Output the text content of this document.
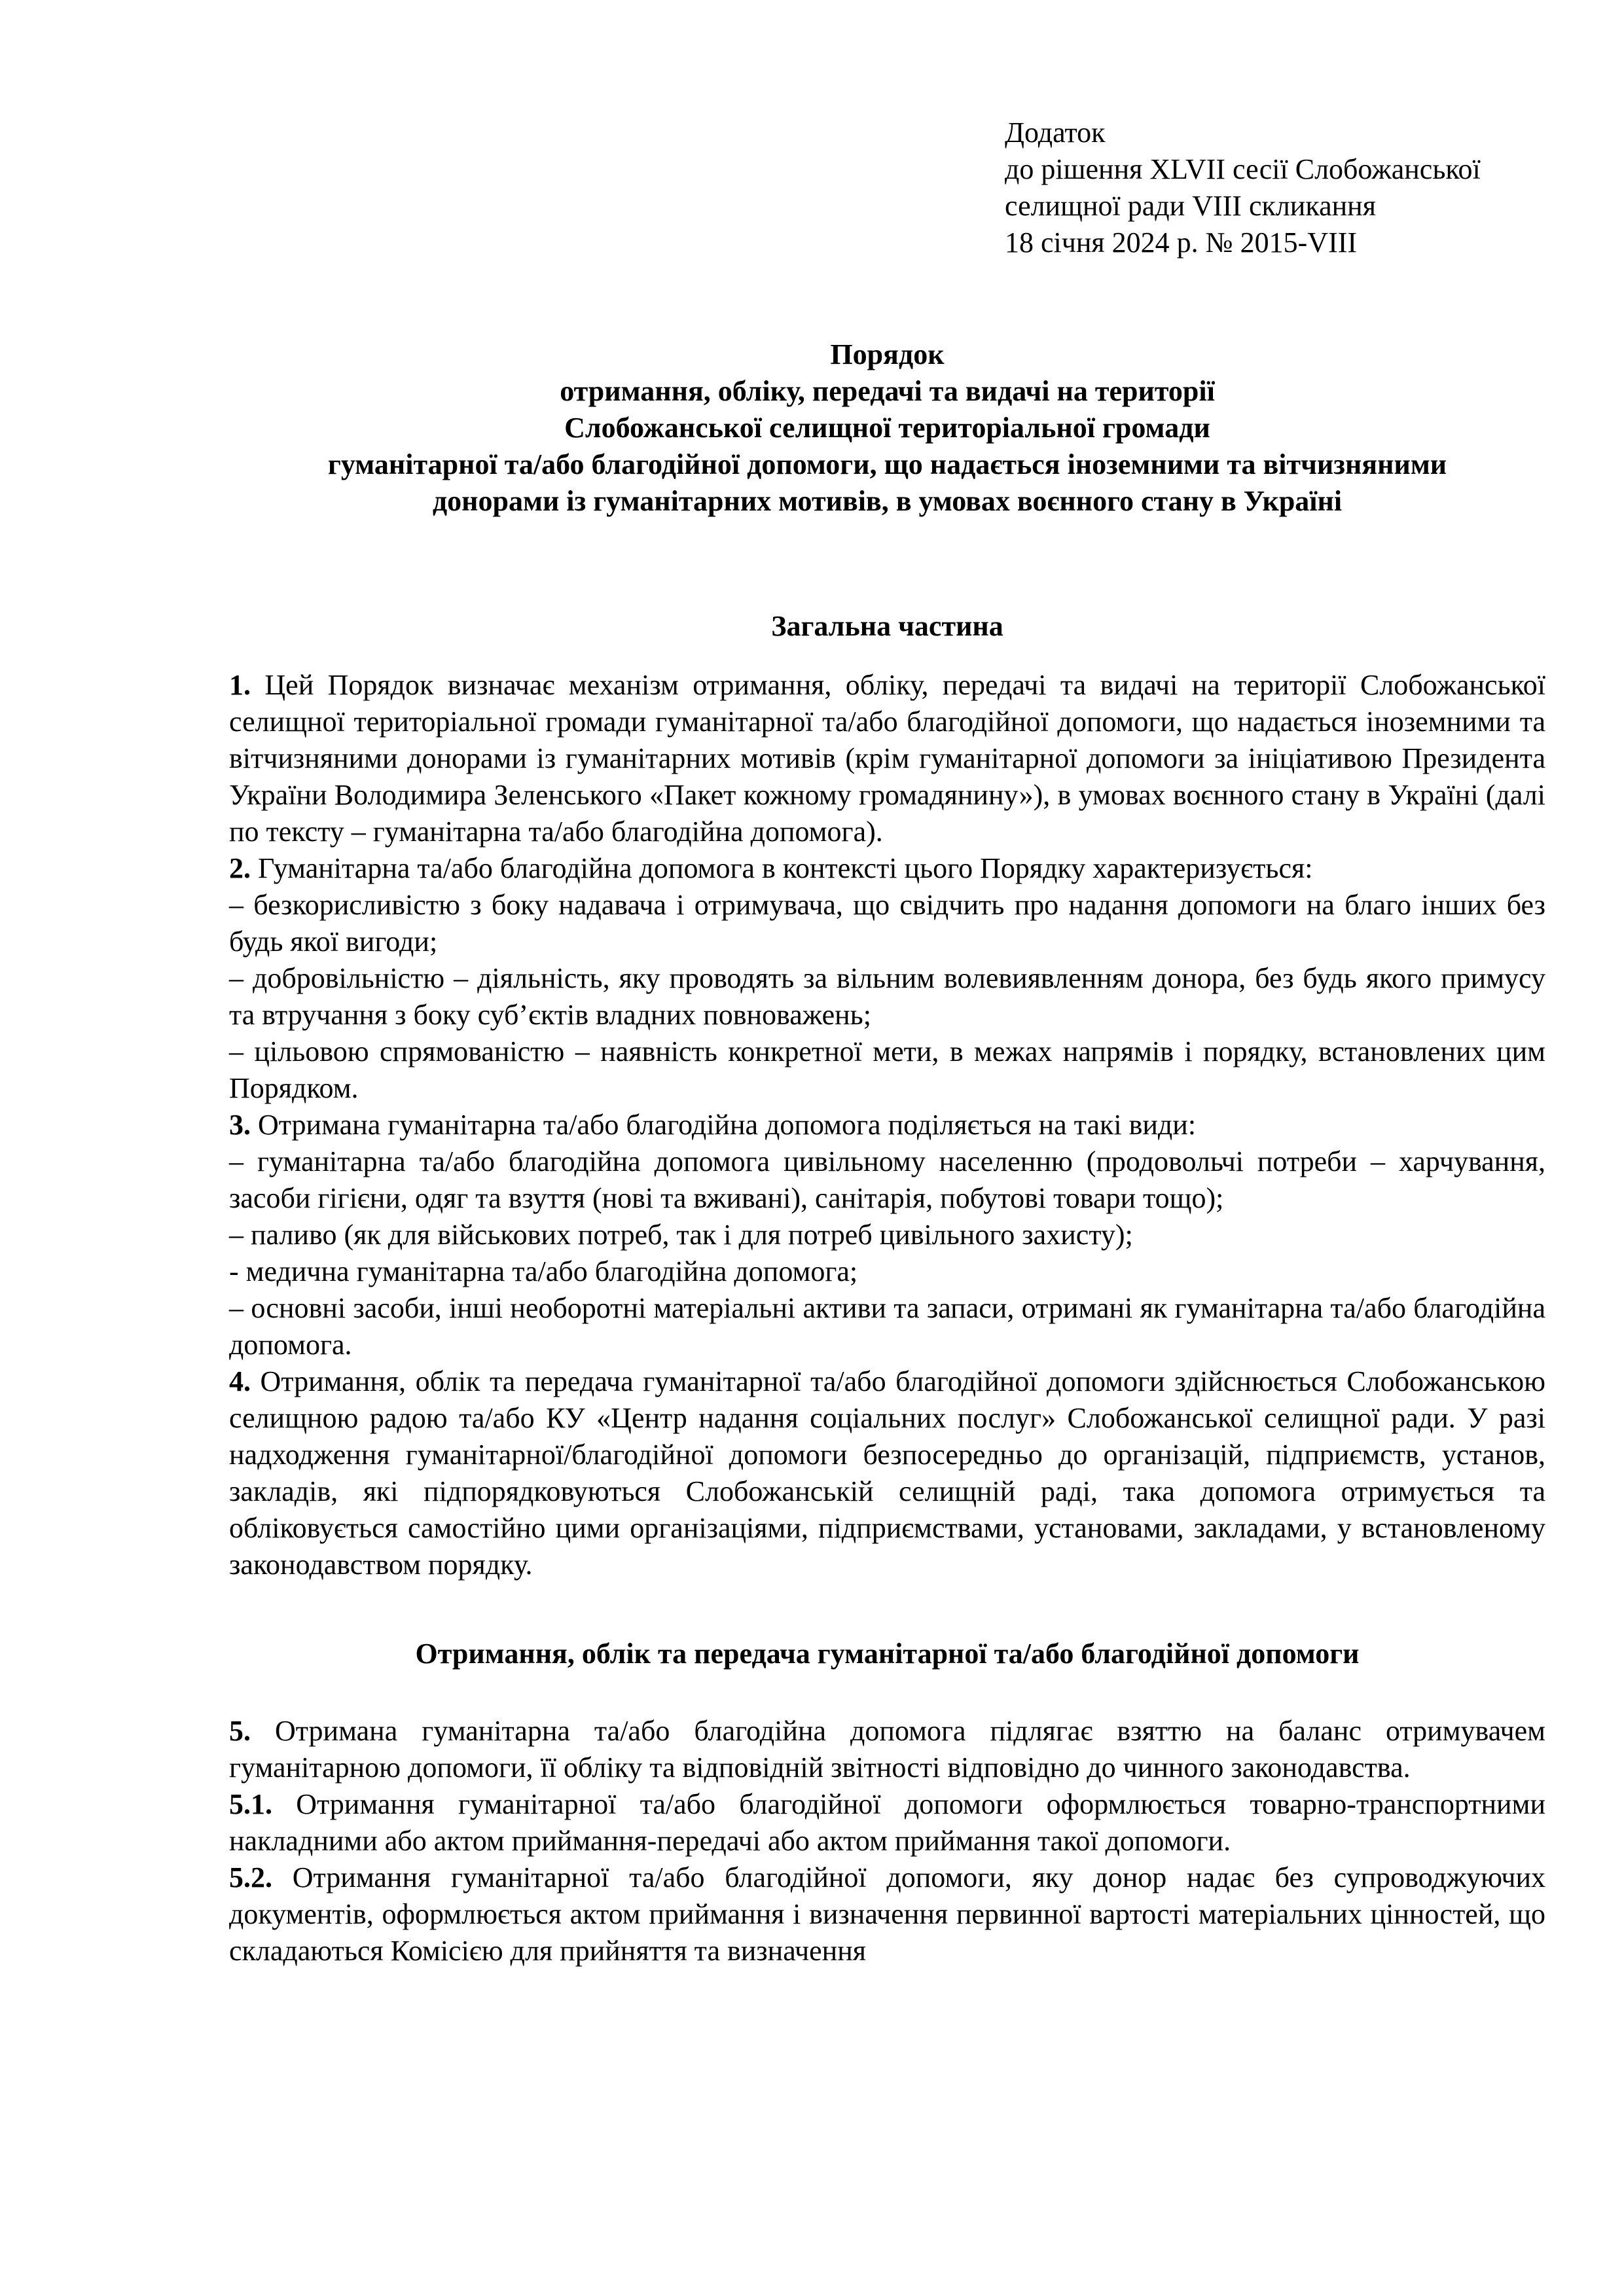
Додаток
до рішення XLVII сесії Слобожанської
селищної ради VIII скликання
18 січня 2024 р. № 2015-VIII
Порядок
отримання, обліку, передачі та видачі на території
Слобожанської селищної територіальної громади
гуманітарної та/або благодійної допомоги, що надається іноземними та вітчизняними
донорами із гуманітарних мотивів, в умовах воєнного стану в Україні
Загальна частина

1. Цей Порядок визначає механізм отримання, обліку, передачі та видачі на території Слобожанської селищної територіальної громади гуманітарної та/або благодійної допомоги, що надається іноземними та вітчизняними донорами із гуманітарних мотивів (крім гуманітарної допомоги за ініціативою Президента України Володимира Зеленського «Пакет кожному громадянину»), в умовах воєнного стану в Україні (далі по тексту – гуманітарна та/або благодійна допомога).

2. Гуманітарна та/або благодійна допомога в контексті цього Порядку характеризується:

– безкорисливістю з боку надавача і отримувача, що свідчить про надання допомоги на благо інших без будь якої вигоди;

– добровільністю – діяльність, яку проводять за вільним волевиявленням донора, без будь якого примусу та втручання з боку суб’єктів владних повноважень;

– цільовою спрямованістю – наявність конкретної мети, в межах напрямів і порядку, встановлених цим Порядком.

3. Отримана гуманітарна та/або благодійна допомога поділяється на такі види:

– гуманітарна та/або благодійна допомога цивільному населенню (продовольчі потреби – харчування, засоби гігієни, одяг та взуття (нові та вживані), санітарія, побутові товари тощо);

– паливо (як для військових потреб, так і для потреб цивільного захисту);

- медична гуманітарна та/або благодійна допомога;

– основні засоби, інші необоротні матеріальні активи та запаси, отримані як гуманітарна та/або благодійна допомога.

4. Отримання, облік та передача гуманітарної та/або благодійної допомоги здійснюється Слобожанською селищною радою та/або КУ «Центр надання соціальних послуг» Слобожанської селищної ради. У разі надходження гуманітарної/благодійної допомоги безпосередньо до організацій, підприємств, установ, закладів, які підпорядковуються Слобожанській селищній раді, така допомога отримується та обліковується самостійно цими організаціями, підприємствами, установами, закладами, у встановленому законодавством порядку.

Отримання, облік та передача гуманітарної та/або благодійної допомоги

5. Отримана гуманітарна та/або благодійна допомога підлягає взяттю на баланс отримувачем гуманітарною допомоги, її обліку та відповідній звітності відповідно до чинного законодавства.

5.1. Отримання гуманітарної та/або благодійної допомоги оформлюється товарно-транспортними накладними або актом приймання-передачі або актом приймання такої допомоги.

5.2. Отримання гуманітарної та/або благодійної допомоги, яку донор надає без супроводжуючих документів, оформлюється актом приймання і визначення первинної вартості матеріальних цінностей, що складаються Комісією для прийняття та визначення
